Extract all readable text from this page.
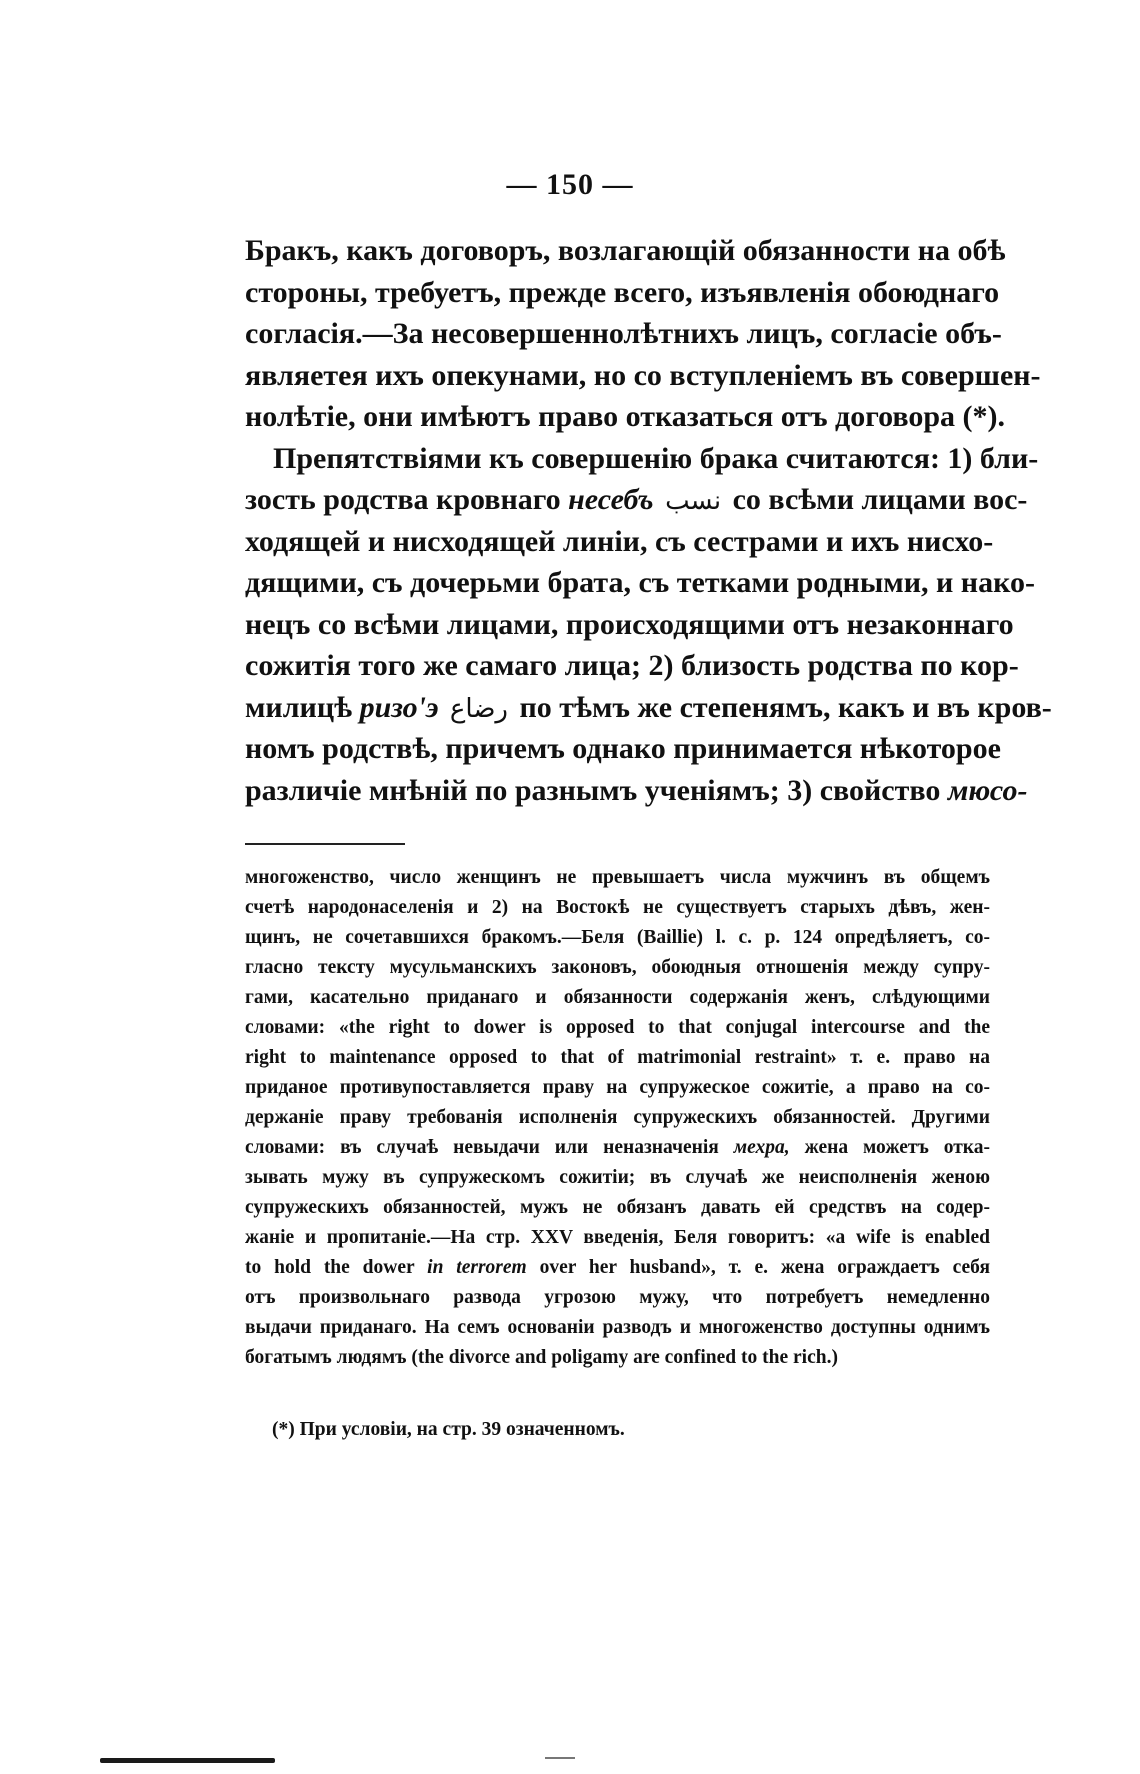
— 150 —
Бракъ, какъ договоръ, возлагающій обязанности на обѣ
стороны, требуетъ, прежде всего, изъявленія обоюднаго
согласія.—За несовершеннолѣтнихъ лицъ, согласіе объ-
являетея ихъ опекунами, но со вступленіемъ въ совершен-
нолѣтіе, они имѣютъ право отказаться отъ договора (*).
Препятствіями къ совершенію брака считаются: 1) бли-
зость родства кровнаго несебъ نسب со всѣми лицами вос-
ходящей и нисходящей линіи, съ сестрами и ихъ нисхо-
дящими, съ дочерьми брата, съ тетками родными, и нако-
нецъ со всѣми лицами, происходящими отъ незаконнаго
сожитія того же самаго лица; 2) близость родства по кор-
милицѣ ризо'э رضاع по тѣмъ же степенямъ, какъ и въ кров-
номъ родствѣ, причемъ однако принимается нѣкоторое
различіе мнѣній по разнымъ ученіямъ; 3) свойство мюсо-
многоженство, число женщинъ не превышаетъ числа мужчинъ въ общемъ
счетѣ народонаселенія и 2) на Востокѣ не существуетъ старыхъ дѣвъ, жен-
щинъ, не сочетавшихся бракомъ.—Беля (Baillie) l. c. p. 124 опредѣляетъ, со-
гласно тексту мусульманскихъ законовъ, обоюдныя отношенія между супру-
гами, касательно приданаго и обязанности содержанія женъ, слѣдующими
словами: «the right to dower is opposed to that conjugal intercourse and the
right to maintenance opposed to that of matrimonial restraint» т. е. право на
приданое противупоставляется праву на супружеское сожитіе, а право на со-
держаніе праву требованія исполненія супружескихъ обязанностей. Другими
словами: въ случаѣ невыдачи или неназначенія мехра, жена можетъ отка-
зывать мужу въ супружескомъ сожитіи; въ случаѣ же неисполненія женою
супружескихъ обязанностей, мужъ не обязанъ давать ей средствъ на содер-
жаніе и пропитаніе.—На стр. XXV введенія, Беля говоритъ: «a wife is enabled
to hold the dower in terrorem over her husband», т. е. жена ограждаетъ себя
отъ произвольнаго развода угрозою мужу, что потребуетъ немедленно
выдачи приданаго. На семъ основаніи разводъ и многоженство доступны однимъ
богатымъ людямъ (the divorce and poligamy are confined to the rich.)
(*) При условіи, на стр. 39 означенномъ.
